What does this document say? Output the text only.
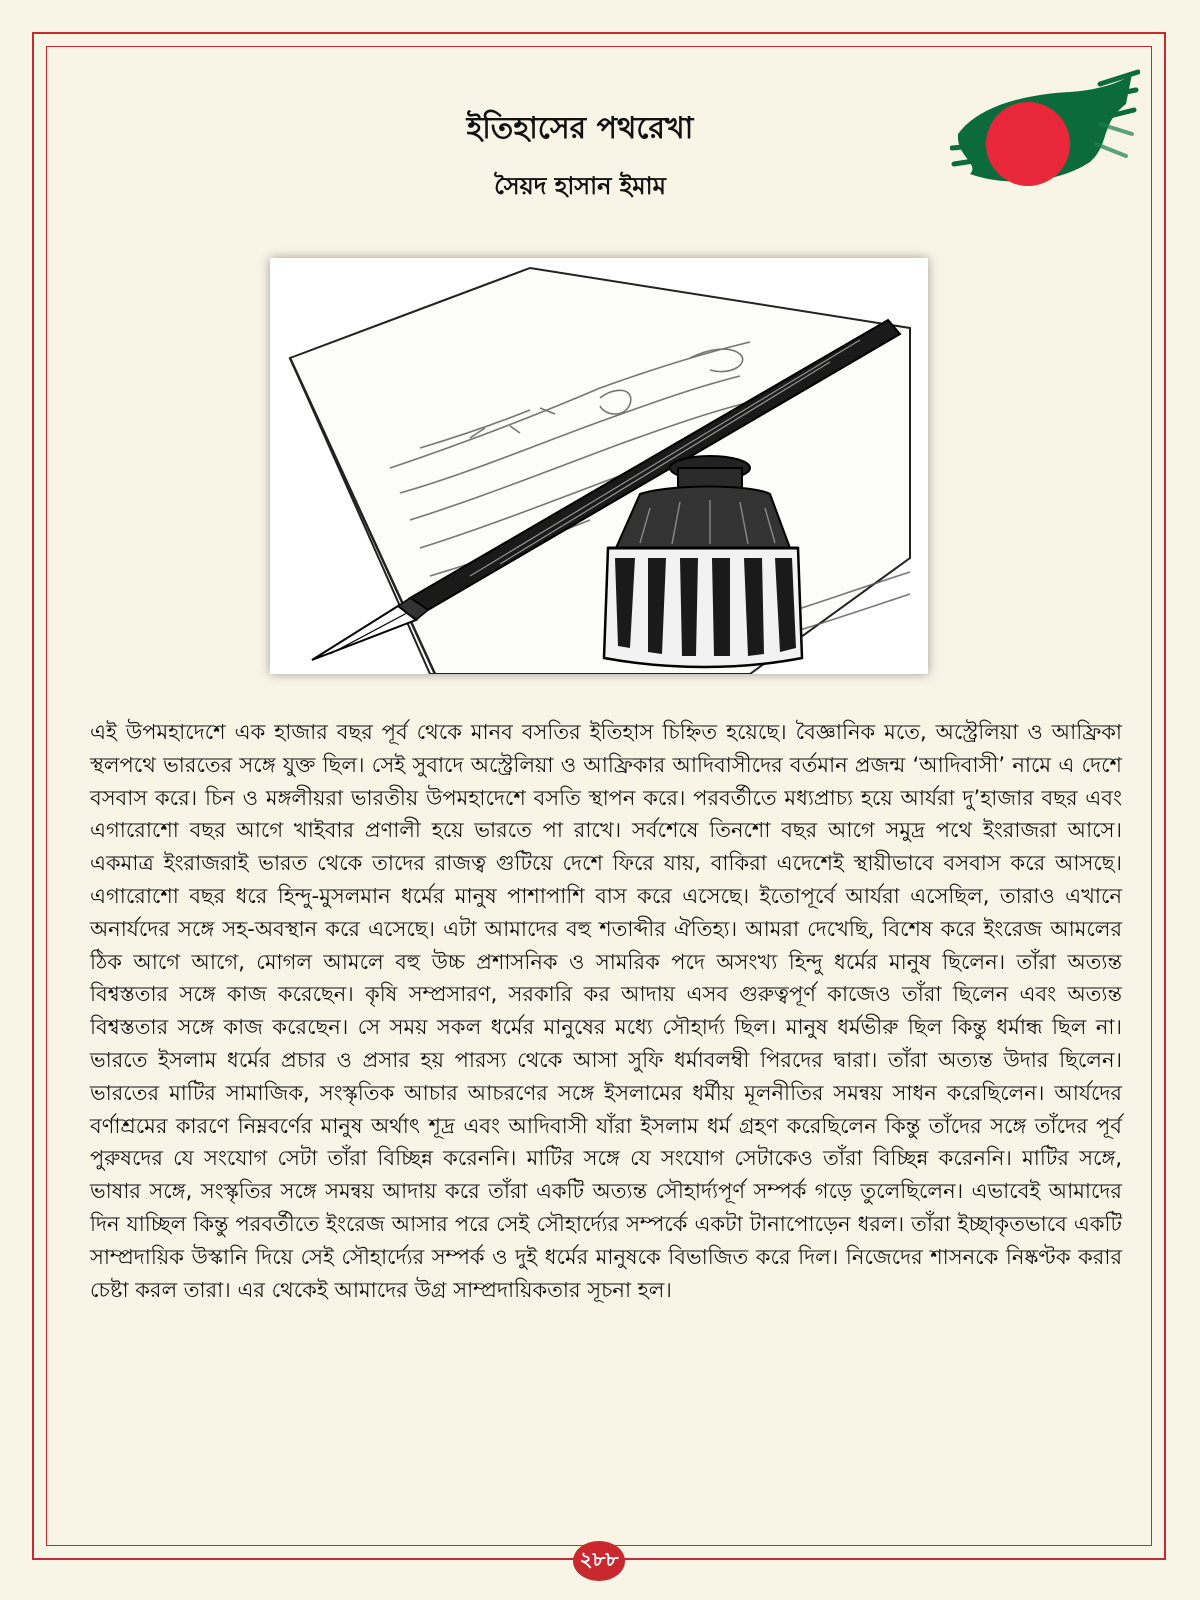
ইতিহাসের পথরেখা
সৈয়দ হাসান ইমাম

এই উপমহাদেশে এক হাজার বছর পূর্ব থেকে মানব বসতির ইতিহাস চিহ্নিত হয়েছে। বৈজ্ঞানিক মতে, অস্ট্রেলিয়া ও আফ্রিকা স্থলপথে ভারতের সঙ্গে যুক্ত ছিল। সেই সুবাদে অস্ট্রেলিয়া ও আফ্রিকার আদিবাসীদের বর্তমান প্রজন্ম ‘আদিবাসী’ নামে এ দেশে বসবাস করে। চিন ও মঙ্গলীয়রা ভারতীয় উপমহাদেশে বসতি স্থাপন করে। পরবর্তীতে মধ্যপ্রাচ্য হয়ে আর্যরা দু’হাজার বছর এবং এগারোশো বছর আগে খাইবার প্রণালী হয়ে ভারতে পা রাখে। সর্বশেষে তিনশো বছর আগে সমুদ্র পথে ইংরাজরা আসে। একমাত্র ইংরাজরাই ভারত থেকে তাদের রাজত্ব গুটিয়ে দেশে ফিরে যায়, বাকিরা এদেশেই স্থায়ীভাবে বসবাস করে আসছে। এগারোশো বছর ধরে হিন্দু-মুসলমান ধর্মের মানুষ পাশাপাশি বাস করে এসেছে। ইতোপূর্বে আর্যরা এসেছিল, তারাও এখানে অনার্যদের সঙ্গে সহ-অবস্থান করে এসেছে। এটা আমাদের বহু শতাব্দীর ঐতিহ্য। আমরা দেখেছি, বিশেষ করে ইংরেজ আমলের ঠিক আগে আগে, মোগল আমলে বহু উচ্চ প্রশাসনিক ও সামরিক পদে অসংখ্য হিন্দু ধর্মের মানুষ ছিলেন। তাঁরা অত্যন্ত বিশ্বস্ততার সঙ্গে কাজ করেছেন। কৃষি সম্প্রসারণ, সরকারি কর আদায় এসব গুরুত্বপূর্ণ কাজেও তাঁরা ছিলেন এবং অত্যন্ত বিশ্বস্ততার সঙ্গে কাজ করেছেন। সে সময় সকল ধর্মের মানুষের মধ্যে সৌহার্দ্য ছিল। মানুষ ধর্মভীরু ছিল কিন্তু ধর্মান্ধ ছিল না। ভারতে ইসলাম ধর্মের প্রচার ও প্রসার হয় পারস্য থেকে আসা সুফি ধর্মাবলম্বী পিরদের দ্বারা। তাঁরা অত্যন্ত উদার ছিলেন। ভারতের মাটির সামাজিক, সংস্কৃতিক আচার আচরণের সঙ্গে ইসলামের ধর্মীয় মূলনীতির সমন্বয় সাধন করেছিলেন। আর্যদের বর্ণাশ্রমের কারণে নিম্নবর্ণের মানুষ অর্থাৎ শূদ্র এবং আদিবাসী যাঁরা ইসলাম ধর্ম গ্রহণ করেছিলেন কিন্তু তাঁদের সঙ্গে তাঁদের পূর্ব পুরুষদের যে সংযোগ সেটা তাঁরা বিচ্ছিন্ন করেননি। মাটির সঙ্গে যে সংযোগ সেটাকেও তাঁরা বিচ্ছিন্ন করেননি। মাটির সঙ্গে, ভাষার সঙ্গে, সংস্কৃতির সঙ্গে সমন্বয় আদায় করে তাঁরা একটি অত্যন্ত সৌহার্দ্যপূর্ণ সম্পর্ক গড়ে তুলেছিলেন। এভাবেই আমাদের দিন যাচ্ছিল কিন্তু পরবর্তীতে ইংরেজ আসার পরে সেই সৌহার্দ্যের সম্পর্কে একটা টানাপোড়েন ধরল। তাঁরা ইচ্ছাকৃতভাবে একটি সাম্প্রদায়িক উস্কানি দিয়ে সেই সৌহার্দ্যের সম্পর্ক ও দুই ধর্মের মানুষকে বিভাজিত করে দিল। নিজেদের শাসনকে নিষ্কণ্টক করার চেষ্টা করল তারা। এর থেকেই আমাদের উগ্র সাম্প্রদায়িকতার সূচনা হল।

২৮৮
